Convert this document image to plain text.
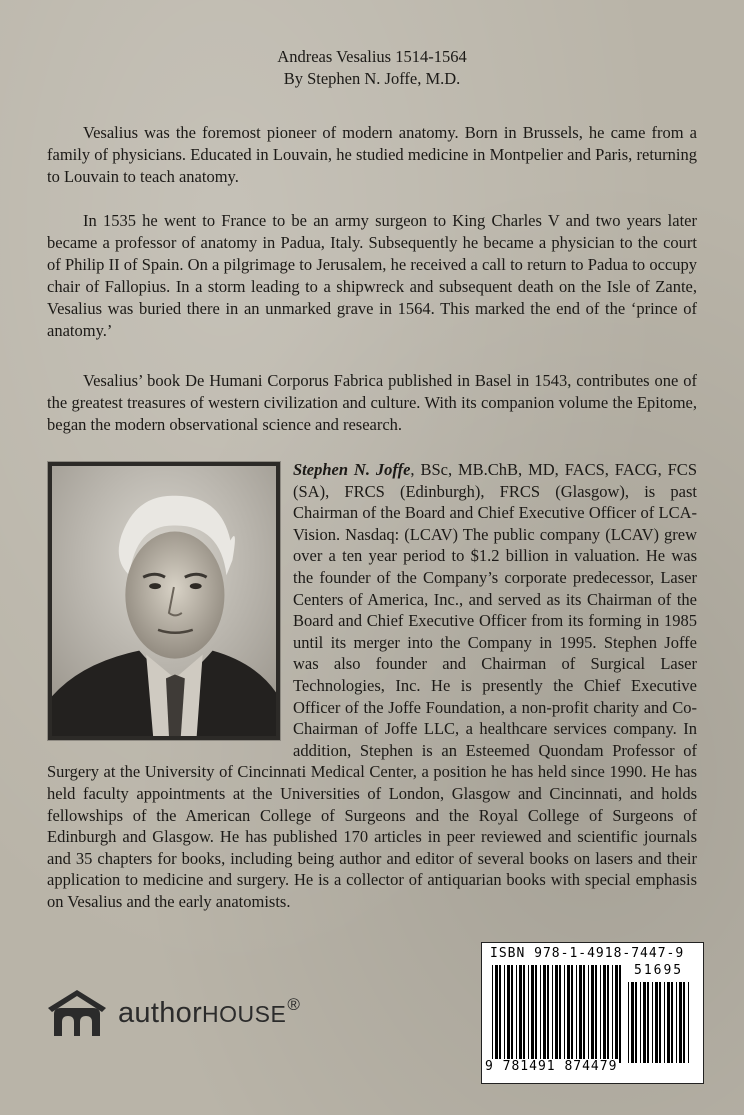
Andreas Vesalius 1514-1564
By Stephen N. Joffe, M.D.

Vesalius was the foremost pioneer of modern anatomy. Born in Brussels, he came from a family of physicians. Educated in Louvain, he studied medicine in Montpelier and Paris, returning to Louvain to teach anatomy.

In 1535 he went to France to be an army surgeon to King Charles V and two years later became a professor of anatomy in Padua, Italy. Subsequently he became a physician to the court of Philip II of Spain. On a pilgrimage to Jerusalem, he received a call to return to Padua to occupy chair of Fallopius. In a storm leading to a shipwreck and subsequent death on the Isle of Zante, Vesalius was buried there in an unmarked grave in 1564. This marked the end of the ‘prince of anatomy.’

Vesalius’ book De Humani Corporus Fabrica published in Basel in 1543, contributes one of the greatest treasures of western civilization and culture. With its companion volume the Epitome, began the modern observational science and research.

Stephen N. Joffe, BSc, MB.ChB, MD, FACS, FACG, FCS (SA), FRCS (Edinburgh), FRCS (Glasgow), is past Chairman of the Board and Chief Executive Officer of LCA-Vision. Nasdaq: (LCAV) The public company (LCAV) grew over a ten year period to $1.2 billion in valuation. He was the founder of the Company’s corporate predecessor, Laser Centers of America, Inc., and served as its Chairman of the Board and Chief Executive Officer from its forming in 1985 until its merger into the Company in 1995. Stephen Joffe was also founder and Chairman of Surgical Laser Technologies, Inc. He is presently the Chief Executive Officer of the Joffe Foundation, a non-profit charity and Co-Chairman of Joffe LLC, a healthcare services company. In addition, Stephen is an Esteemed Quondam Professor of Surgery at the University of Cincinnati Medical Center, a position he has held since 1990. He has held faculty appointments at the Universities of London, Glasgow and Cincinnati, and holds fellowships of the American College of Surgeons and the Royal College of Surgeons of Edinburgh and Glasgow. He has published 170 articles in peer reviewed and scientific journals and 35 chapters for books, including being author and editor of several books on lasers and their application to medicine and surgery. He is a collector of antiquarian books with special emphasis on Vesalius and the early anatomists.
authorHOUSE®
ISBN 978-1-4918-7447-9
51695
9 781491 874479
